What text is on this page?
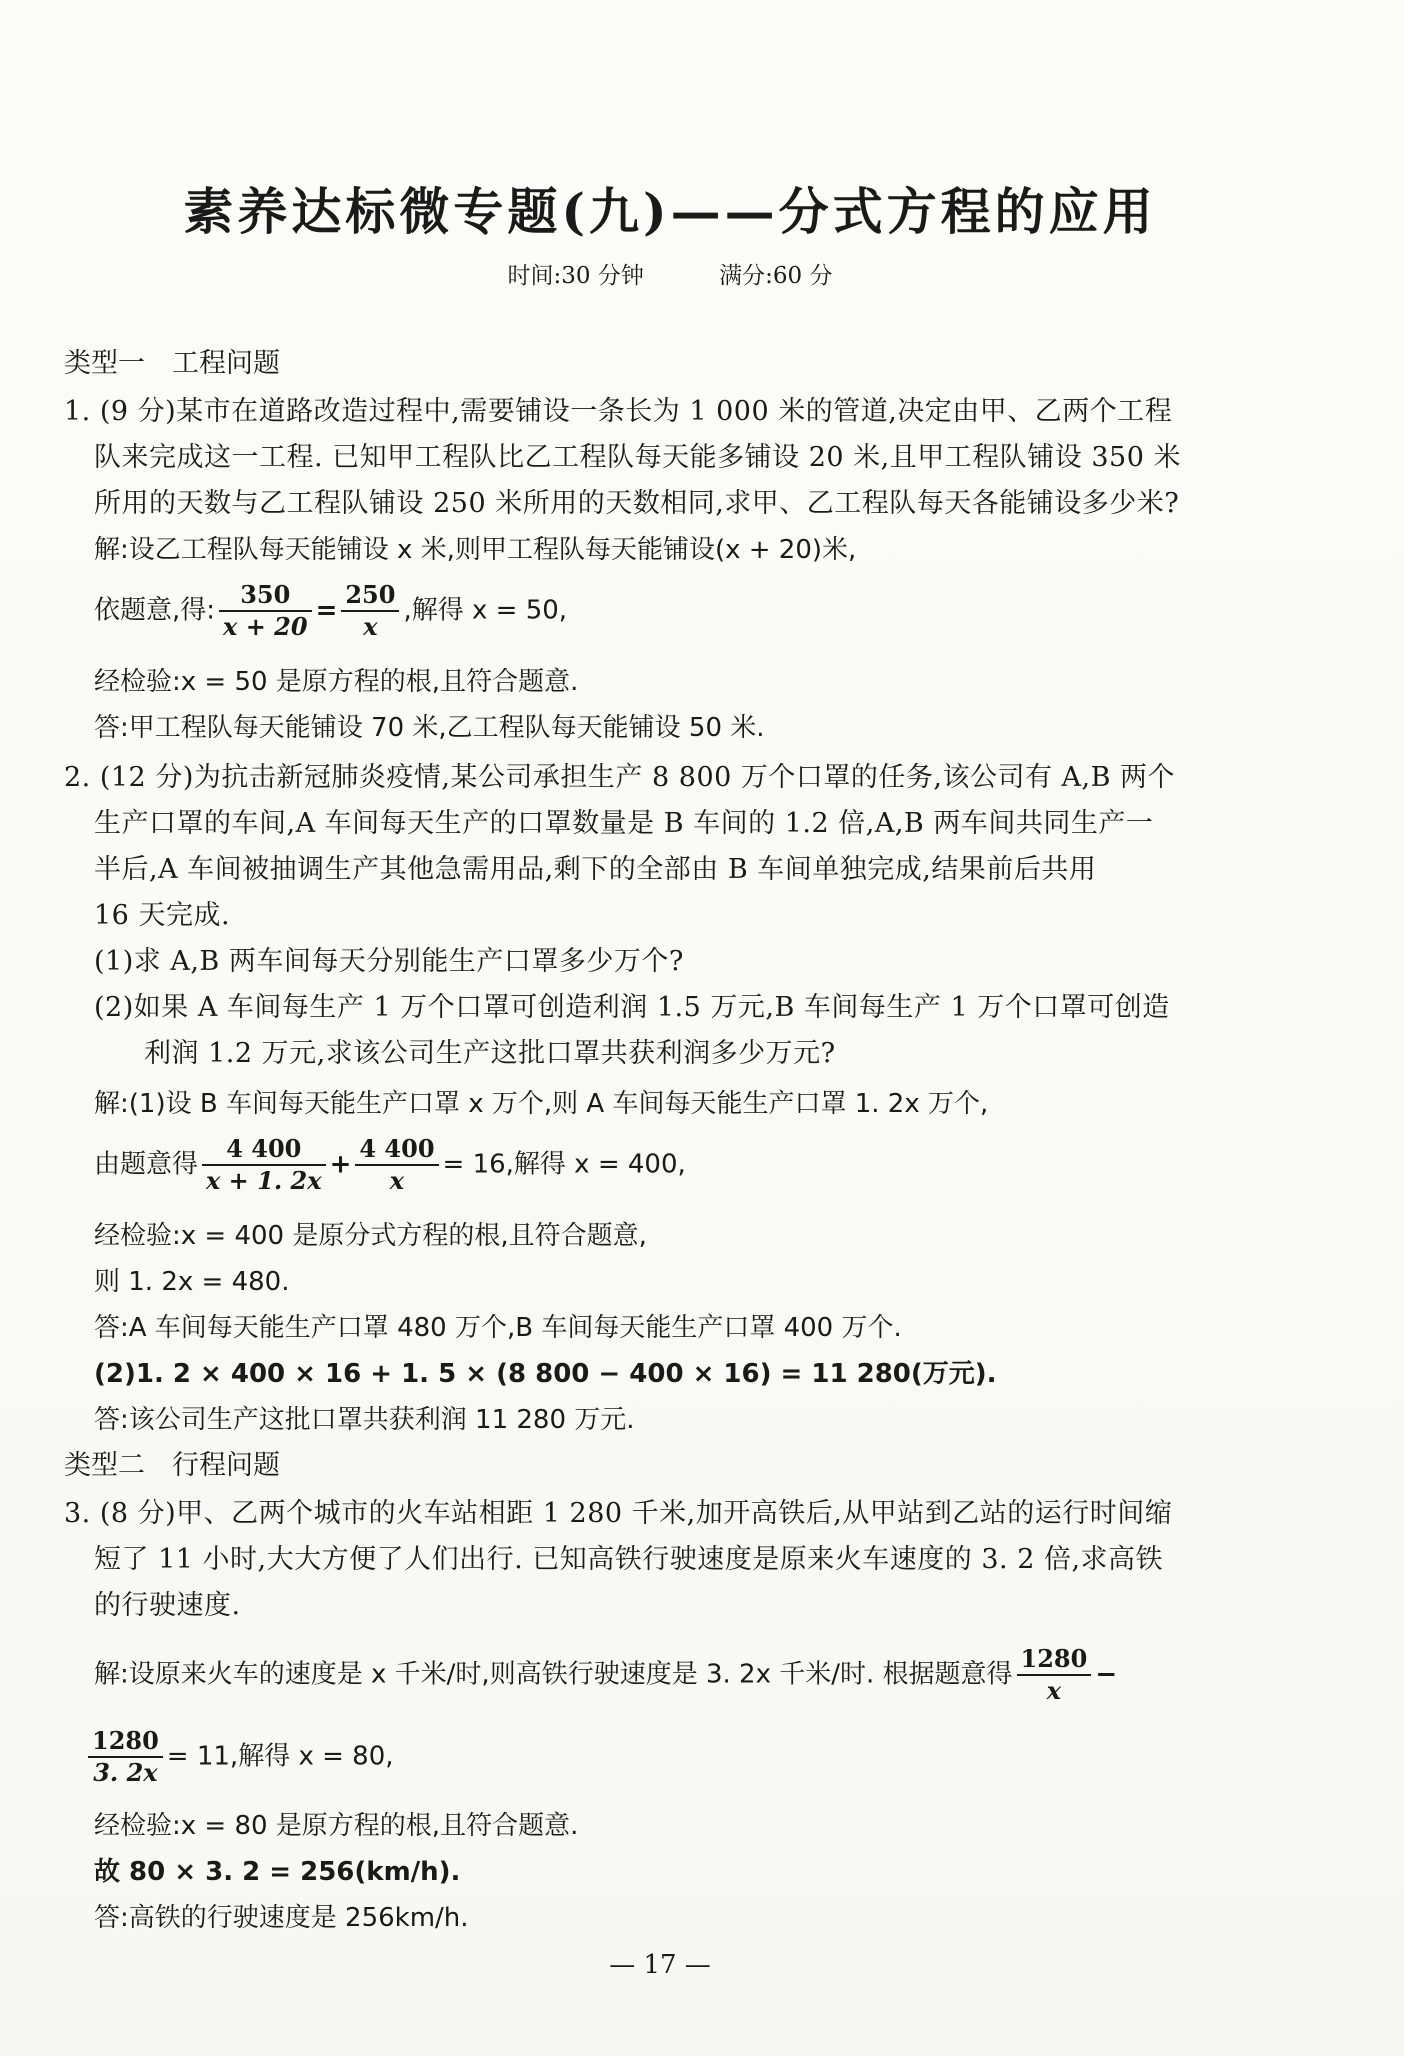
素养达标微专题(九)——分式方程的应用
时间:30 分钟	满分:60 分
类型一　工程问题
1. (9 分)某市在道路改造过程中,需要铺设一条长为 1 000 米的管道,决定由甲、乙两个工程
队来完成这一工程. 已知甲工程队比乙工程队每天能多铺设 20 米,且甲工程队铺设 350 米
所用的天数与乙工程队铺设 250 米所用的天数相同,求甲、乙工程队每天各能铺设多少米?
解:设乙工程队每天能铺设 x 米,则甲工程队每天能铺设(x + 20)米,
依题意,得: $\frac{350}{x + 20} = \frac{250}{x}$ ,解得 x = 50,
经检验:x = 50 是原方程的根,且符合题意.
答:甲工程队每天能铺设 70 米,乙工程队每天能铺设 50 米.
2. (12 分)为抗击新冠肺炎疫情,某公司承担生产 8 800 万个口罩的任务,该公司有 A,B 两个
生产口罩的车间,A 车间每天生产的口罩数量是 B 车间的 1.2 倍,A,B 两车间共同生产一
半后,A 车间被抽调生产其他急需用品,剩下的全部由 B 车间单独完成,结果前后共用
16 天完成.
(1)求 A,B 两车间每天分别能生产口罩多少万个?
(2)如果 A 车间每生产 1 万个口罩可创造利润 1.5 万元,B 车间每生产 1 万个口罩可创造
利润 1.2 万元,求该公司生产这批口罩共获利润多少万元?
解:(1)设 B 车间每天能生产口罩 x 万个,则 A 车间每天能生产口罩 1. 2x 万个,
由题意得 $\frac{4 400}{x + 1. 2x} + \frac{4 400}{x} = 16$,解得 x = 400,
经检验:x = 400 是原分式方程的根,且符合题意,
则 1. 2x = 480.
答:A 车间每天能生产口罩 480 万个,B 车间每天能生产口罩 400 万个.
(2)1. 2 × 400 × 16 + 1. 5 × (8 800 − 400 × 16) = 11 280(万元).
答:该公司生产这批口罩共获利润 11 280 万元.
类型二　行程问题
3. (8 分)甲、乙两个城市的火车站相距 1 280 千米,加开高铁后,从甲站到乙站的运行时间缩
短了 11 小时,大大方便了人们出行. 已知高铁行驶速度是原来火车速度的 3. 2 倍,求高铁
的行驶速度.
解:设原来火车的速度是 x 千米/时,则高铁行驶速度是 3. 2x 千米/时. 根据题意得 $\frac{1280}{x}$ −
$\frac{1280}{3. 2x} = 11$,解得 x = 80,
经检验:x = 80 是原方程的根,且符合题意.
故 80 × 3. 2 = 256(km/h).
答:高铁的行驶速度是 256km/h.
— 17 —
